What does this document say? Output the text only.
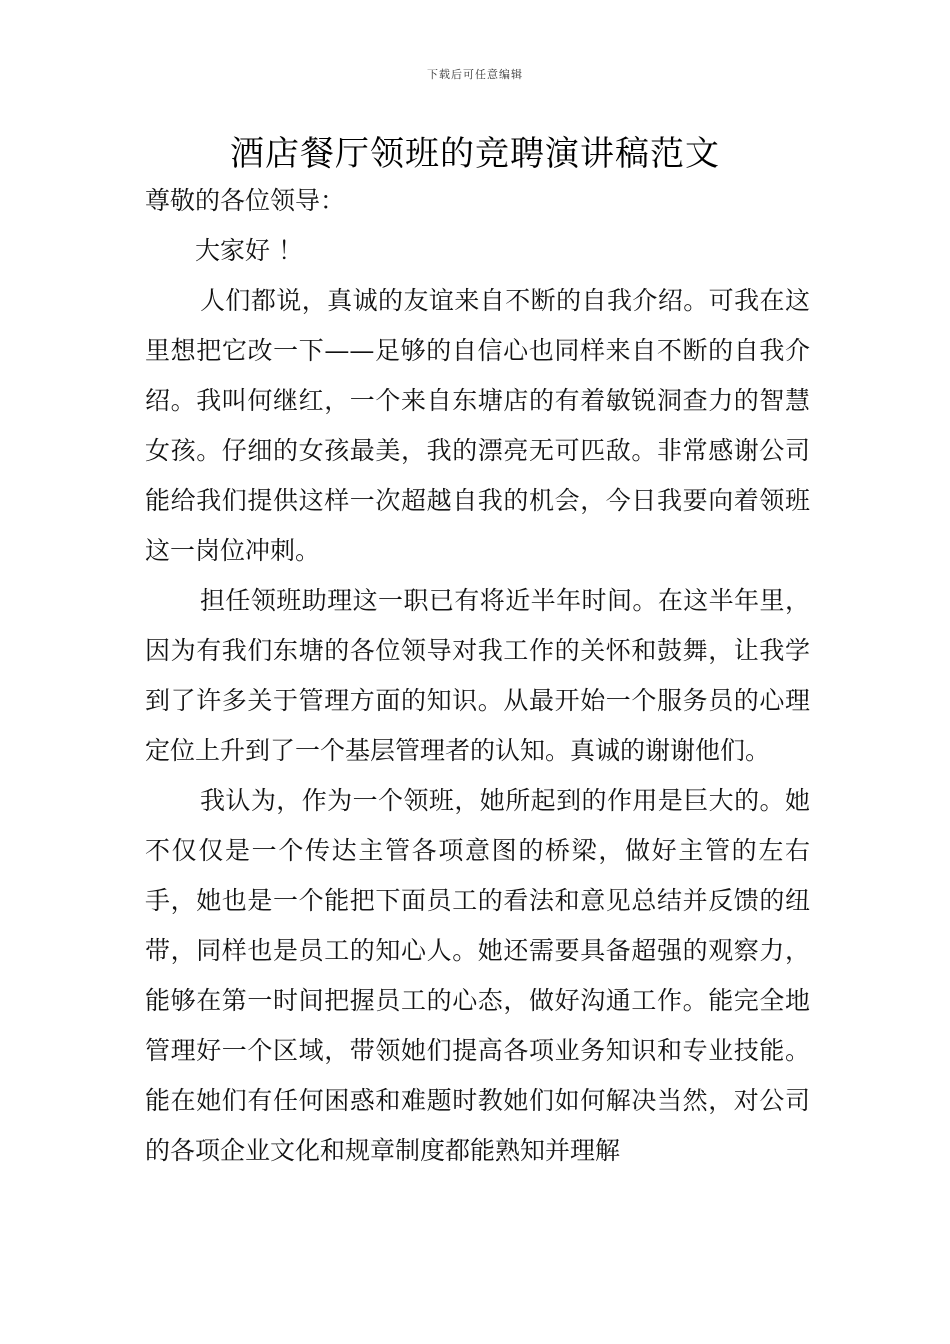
下载后可任意编辑
酒店餐厅领班的竞聘演讲稿范文

尊敬的各位领导：

大家好 ！

人们都说，真诚的友谊来自不断的自我介绍。可我在这里想把它改一下——足够的自信心也同样来自不断的自我介绍。我叫何继红，一个来自东塘店的有着敏锐洞查力的智慧女孩。仔细的女孩最美，我的漂亮无可匹敌。非常感谢公司能给我们提供这样一次超越自我的机会，今日我要向着领班这一岗位冲刺。

担任领班助理这一职已有将近半年时间。在这半年里，因为有我们东塘的各位领导对我工作的关怀和鼓舞，让我学到了许多关于管理方面的知识。从最开始一个服务员的心理定位上升到了一个基层管理者的认知。真诚的谢谢他们。

我认为，作为一个领班，她所起到的作用是巨大的。她不仅仅是一个传达主管各项意图的桥梁，做好主管的左右手，她也是一个能把下面员工的看法和意见总结并反馈的纽带，同样也是员工的知心人。她还需要具备超强的观察力，能够在第一时间把握员工的心态，做好沟通工作。能完全地管理好一个区域，带领她们提高各项业务知识和专业技能。能在她们有任何困惑和难题时教她们如何解决当然，对公司的各项企业文化和规章制度都能熟知并理解
